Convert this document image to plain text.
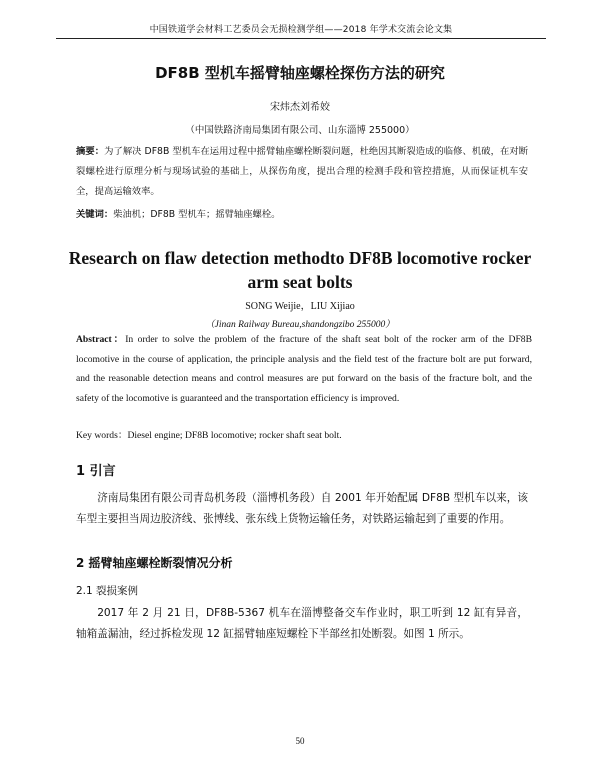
中国铁道学会材料工艺委员会无损检测学组——2018 年学术交流会论文集
DF8B 型机车摇臂轴座螺栓探伤方法的研究
宋炜杰刘希姣
（中国铁路济南局集团有限公司、山东淄博 255000）
摘要：为了解决 DF8B 型机车在运用过程中摇臂轴座螺栓断裂问题，杜绝因其断裂造成的临修、机破，在对断裂螺栓进行原理分析与现场试验的基础上，从探伤角度，提出合理的检测手段和管控措施，从而保证机车安全，提高运输效率。
关键词：柴油机；DF8B 型机车；摇臂轴座螺栓。
Research on flaw detection methodto DF8B locomotive rocker arm seat bolts
SONG Weijie，LIU Xijiao
（Jinan Railway Bureau,shandongzibo 255000）
Abstract：In order to solve the problem of the fracture of the shaft seat bolt of the rocker arm of the DF8B locomotive in the course of application, the principle analysis and the field test of the fracture bolt are put forward, and the reasonable detection means and control measures are put forward on the basis of the fracture bolt, and the safety of the locomotive is guaranteed and the transportation efficiency is improved.
Key words：Diesel engine; DF8B locomotive; rocker shaft seat bolt.
1 引言
济南局集团有限公司青岛机务段（淄博机务段）自 2001 年开始配属 DF8B 型机车以来，该车型主要担当周边胶济线、张博线、张东线上货物运输任务，对铁路运输起到了重要的作用。
2 摇臂轴座螺栓断裂情况分析
2.1 裂损案例
2017 年 2 月 21 日，DF8B-5367 机车在淄博整备交车作业时，职工听到 12 缸有异音，轴箱盖漏油，经过拆检发现 12 缸摇臂轴座短螺栓下半部丝扣处断裂。如图 1 所示。
50
